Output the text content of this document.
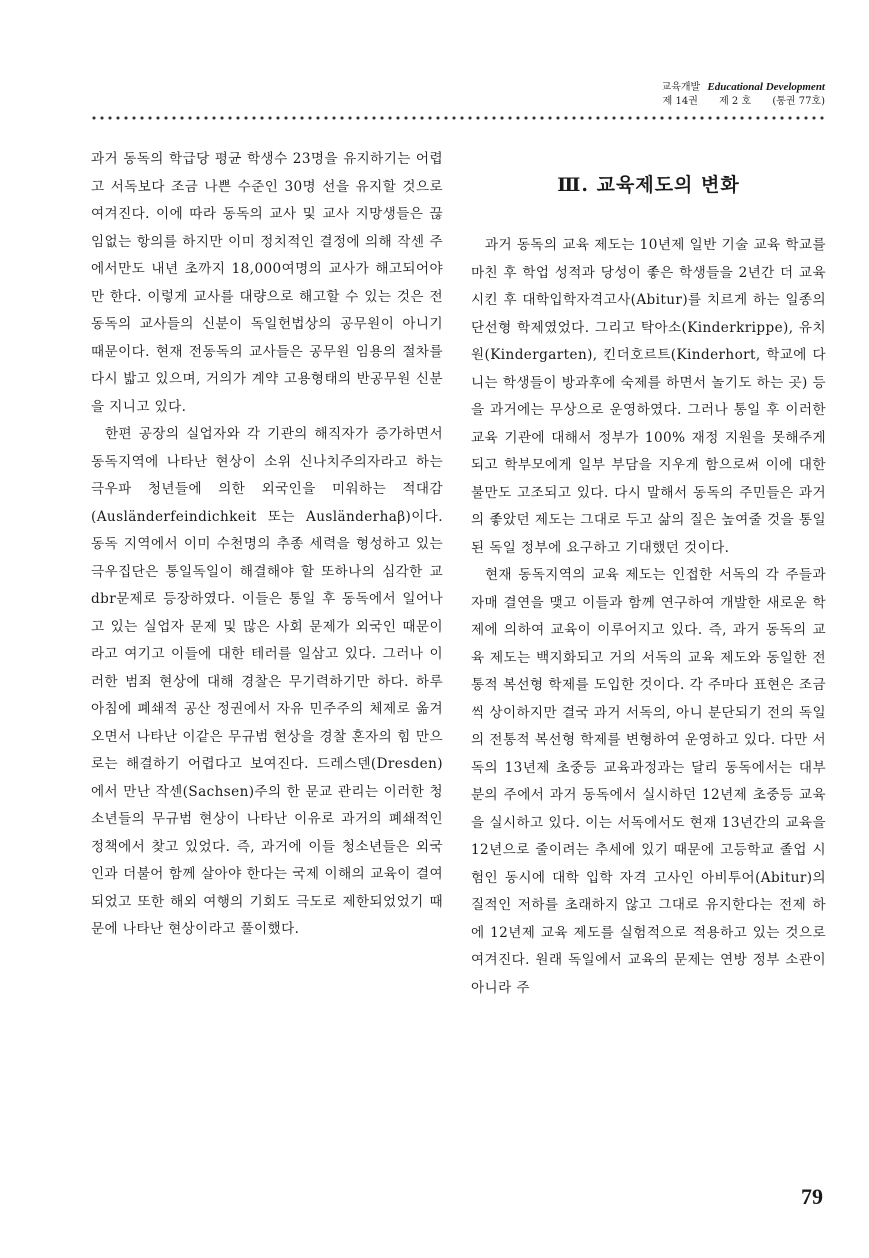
교육개발 Educational Development
제 14권 제 2 호 (통권 77호)

과거 동독의 학급당 평균 학생수 23명을 유지하기는 어렵고 서독보다 조금 나쁜 수준인 30명 선을 유지할 것으로 여겨진다. 이에 따라 동독의 교사 및 교사 지망생들은 끊임없는 항의를 하지만 이미 정치적인 결정에 의해 작센 주에서만도 내년 초까지 18,000여명의 교사가 해고되어야만 한다. 이렇게 교사를 대량으로 해고할 수 있는 것은 전 동독의 교사들의 신분이 독일헌법상의 공무원이 아니기 때문이다. 현재 전동독의 교사들은 공무원 임용의 절차를 다시 밟고 있으며, 거의가 계약 고용형태의 반공무원 신분을 지니고 있다.

한편 공장의 실업자와 각 기관의 해직자가 증가하면서 동독지역에 나타난 현상이 소위 신나치주의자라고 하는 극우파 청년들에 의한 외국인을 미워하는 적대감(Ausländerfeindichkeit 또는 Ausländerhaβ)이다. 동독 지역에서 이미 수천명의 추종 세력을 형성하고 있는 극우집단은 통일독일이 해결해야 할 또하나의 심각한 교dbr문제로 등장하였다. 이들은 통일 후 동독에서 일어나고 있는 실업자 문제 및 많은 사회 문제가 외국인 때문이라고 여기고 이들에 대한 테러를 일삼고 있다. 그러나 이러한 범죄 현상에 대해 경찰은 무기력하기만 하다. 하루 아침에 폐쇄적 공산 정권에서 자유 민주주의 체제로 옮겨오면서 나타난 이같은 무규범 현상을 경찰 혼자의 힘 만으로는 해결하기 어렵다고 보여진다. 드레스덴(Dresden)에서 만난 작센(Sachsen)주의 한 문교 관리는 이러한 청소년들의 무규범 현상이 나타난 이유로 과거의 폐쇄적인 정책에서 찾고 있었다. 즉, 과거에 이들 청소년들은 외국인과 더불어 함께 살아야 한다는 국제 이해의 교육이 결여되었고 또한 해외 여행의 기회도 극도로 제한되었었기 때문에 나타난 현상이라고 풀이했다.

Ⅲ. 교육제도의 변화

과거 동독의 교육 제도는 10년제 일반 기술 교육 학교를 마친 후 학업 성적과 당성이 좋은 학생들을 2년간 더 교육 시킨 후 대학입학자격고사(Abitur)를 치르게 하는 일종의 단선형 학제였었다. 그리고 탁아소(Kinderkrippe), 유치원(Kindergarten), 킨더호르트(Kinderhort, 학교에 다니는 학생들이 방과후에 숙제를 하면서 놀기도 하는 곳) 등을 과거에는 무상으로 운영하였다. 그러나 통일 후 이러한 교육 기관에 대해서 정부가 100% 재정 지원을 못해주게 되고 학부모에게 일부 부담을 지우게 함으로써 이에 대한 불만도 고조되고 있다. 다시 말해서 동독의 주민들은 과거의 좋았던 제도는 그대로 두고 삶의 질은 높여줄 것을 통일된 독일 정부에 요구하고 기대했던 것이다.

현재 동독지역의 교육 제도는 인접한 서독의 각 주들과 자매 결연을 맺고 이들과 함께 연구하여 개발한 새로운 학제에 의하여 교육이 이루어지고 있다. 즉, 과거 동독의 교육 제도는 백지화되고 거의 서독의 교육 제도와 동일한 전통적 복선형 학제를 도입한 것이다. 각 주마다 표현은 조금씩 상이하지만 결국 과거 서독의, 아니 분단되기 전의 독일의 전통적 복선형 학제를 변형하여 운영하고 있다. 다만 서독의 13년제 초중등 교육과정과는 달리 동독에서는 대부분의 주에서 과거 동독에서 실시하던 12년제 초중등 교육을 실시하고 있다. 이는 서독에서도 현재 13년간의 교육을 12년으로 줄이려는 추세에 있기 때문에 고등학교 졸업 시험인 동시에 대학 입학 자격 고사인 아비투어(Abitur)의 질적인 저하를 초래하지 않고 그대로 유지한다는 전제 하에 12년제 교육 제도를 실험적으로 적용하고 있는 것으로 여겨진다. 원래 독일에서 교육의 문제는 연방 정부 소관이 아니라 주

79
